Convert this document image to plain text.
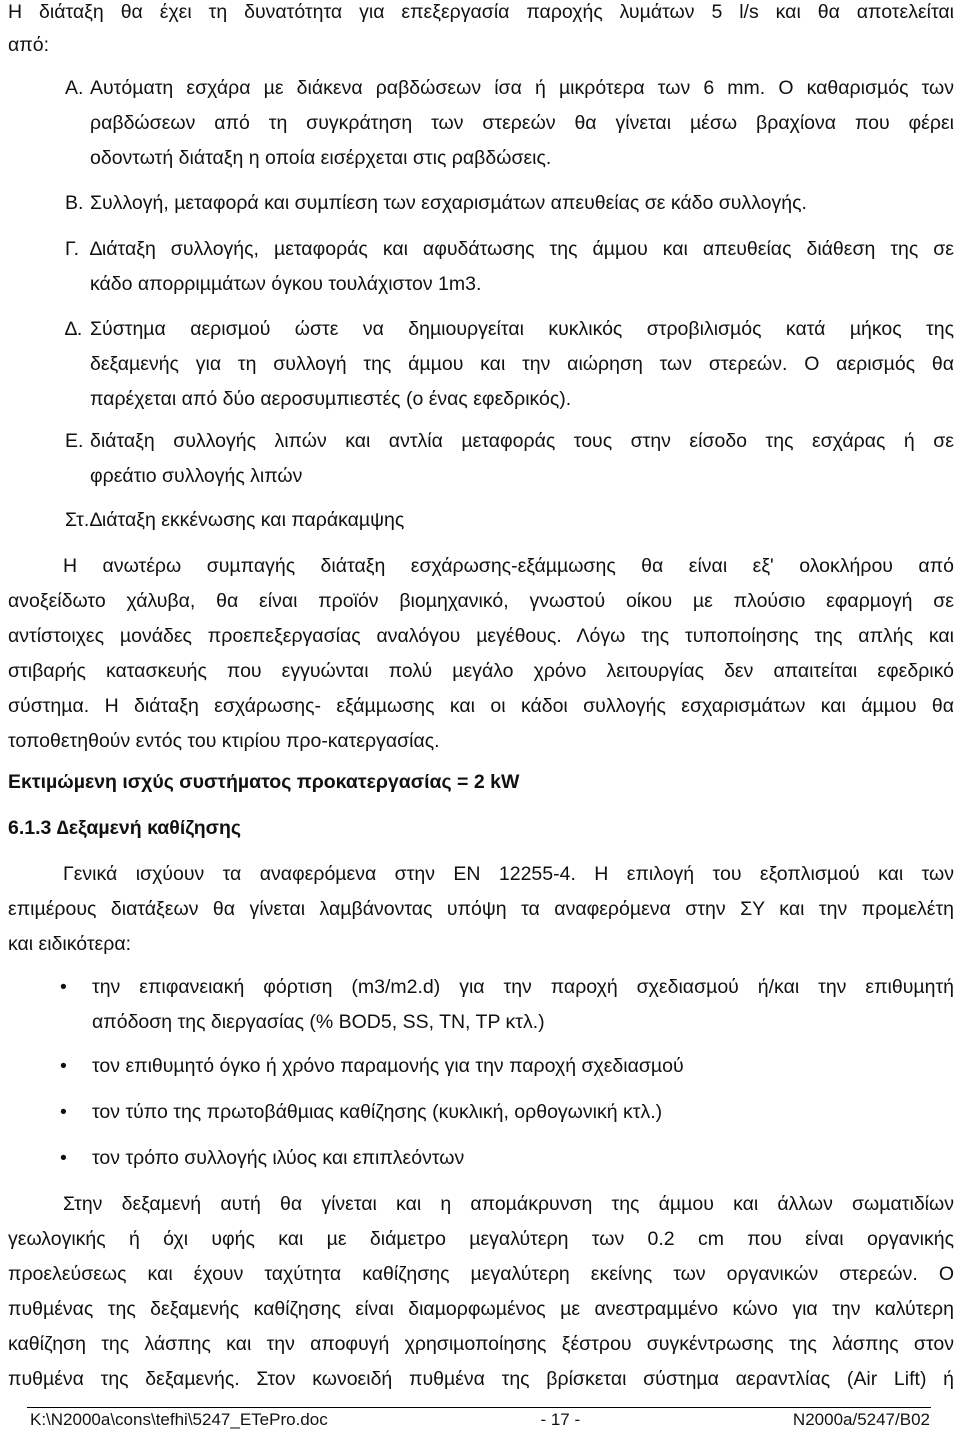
Η διάταξη θα έχει τη δυνατότητα για επεξεργασία παροχής λυµάτων 5 l/s και θα αποτελείται
από:
Α. Αυτόµατη εσχάρα µε διάκενα ραβδώσεων ίσα ή µικρότερα των 6 mm. Ο καθαρισµός των
ραβδώσεων από τη συγκράτηση των στερεών θα γίνεται µέσω βραχίονα που φέρει
οδοντωτή διάταξη η οποία εισέρχεται στις ραβδώσεις.
Β. Συλλογή, µεταφορά και συµπίεση των εσχαρισµάτων απευθείας σε κάδο συλλογής.
Γ. ∆ιάταξη συλλογής, µεταφοράς και αφυδάτωσης της άµµου και απευθείας διάθεση της σε
κάδο απορριµµάτων όγκου τουλάχιστον 1m3.
∆. Σύστηµα αερισµού ώστε να δηµιουργείται κυκλικός στροβιλισµός κατά µήκος της
δεξαµενής για τη συλλογή της άµµου και την αιώρηση των στερεών. Ο αερισµός θα
παρέχεται από δύο αεροσυµπιεστές (ο ένας εφεδρικός).
Ε. διάταξη συλλογής λιπών και αντλία µεταφοράς τους στην είσοδο της εσχάρας ή σε
φρεάτιο συλλογής λιπών
Στ. ∆ιάταξη εκκένωσης και παράκαµψης
Η ανωτέρω συµπαγής διάταξη εσχάρωσης-εξάµµωσης θα είναι εξ' ολοκλήρου από
ανοξείδωτο χάλυβα, θα είναι προϊόν βιοµηχανικό, γνωστού οίκου µε πλούσιο εφαρµογή σε
αντίστοιχες µονάδες προεπεξεργασίας αναλόγου µεγέθους. Λόγω της τυποποίησης της απλής και
στιβαρής κατασκευής που εγγυώνται πολύ µεγάλο χρόνο λειτουργίας δεν απαιτείται εφεδρικό
σύστηµα. Η διάταξη εσχάρωσης- εξάµµωσης και οι κάδοι συλλογής εσχαρισµάτων και άµµου θα
τοποθετηθούν εντός του κτιρίου προ-κατεργασίας.
Εκτιµώµενη ισχύς συστήµατος προκατεργασίας = 2 kW
6.1.3 ∆εξαµενή καθίζησης
Γενικά ισχύουν τα αναφερόµενα στην ΕΝ 12255-4. Η επιλογή του εξοπλισµού και των
επιµέρους διατάξεων θα γίνεται λαµβάνοντας υπόψη τα αναφερόµενα στην ΣΥ και την προµελέτη
και ειδικότερα:
•	την επιφανειακή φόρτιση (m3/m2.d) για την παροχή σχεδιασµού ή/και την επιθυµητή
απόδοση της διεργασίας (% BOD5, SS, TN, TP κτλ.)
•	τον επιθυµητό όγκο ή χρόνο παραµονής για την παροχή σχεδιασµού
•	τον τύπο της πρωτοβάθµιας καθίζησης (κυκλική, ορθογωνική κτλ.)
•	τον τρόπο συλλογής ιλύος και επιπλεόντων
Στην δεξαµενή αυτή θα γίνεται και η αποµάκρυνση της άµµου και άλλων σωµατιδίων
γεωλογικής ή όχι υφής και µε διάµετρο µεγαλύτερη των 0.2 cm που είναι οργανικής
προελεύσεως και έχουν ταχύτητα καθίζησης µεγαλύτερη εκείνης των οργανικών στερεών. Ο
πυθµένας της δεξαµενής καθίζησης είναι διαµορφωµένος µε ανεστραµµένο κώνο για την καλύτερη
καθίζηση της λάσπης και την αποφυγή χρησιµοποίησης ξέστρου συγκέντρωσης της λάσπης στον
πυθµένα της δεξαµενής. Στον κωνοειδή πυθµένα της βρίσκεται σύστηµα αεραντλίας (Air Lift) ή
K:\N2000a\cons\tefhi\5247_ETePro.doc	- 17 -	N2000a/5247/B02
